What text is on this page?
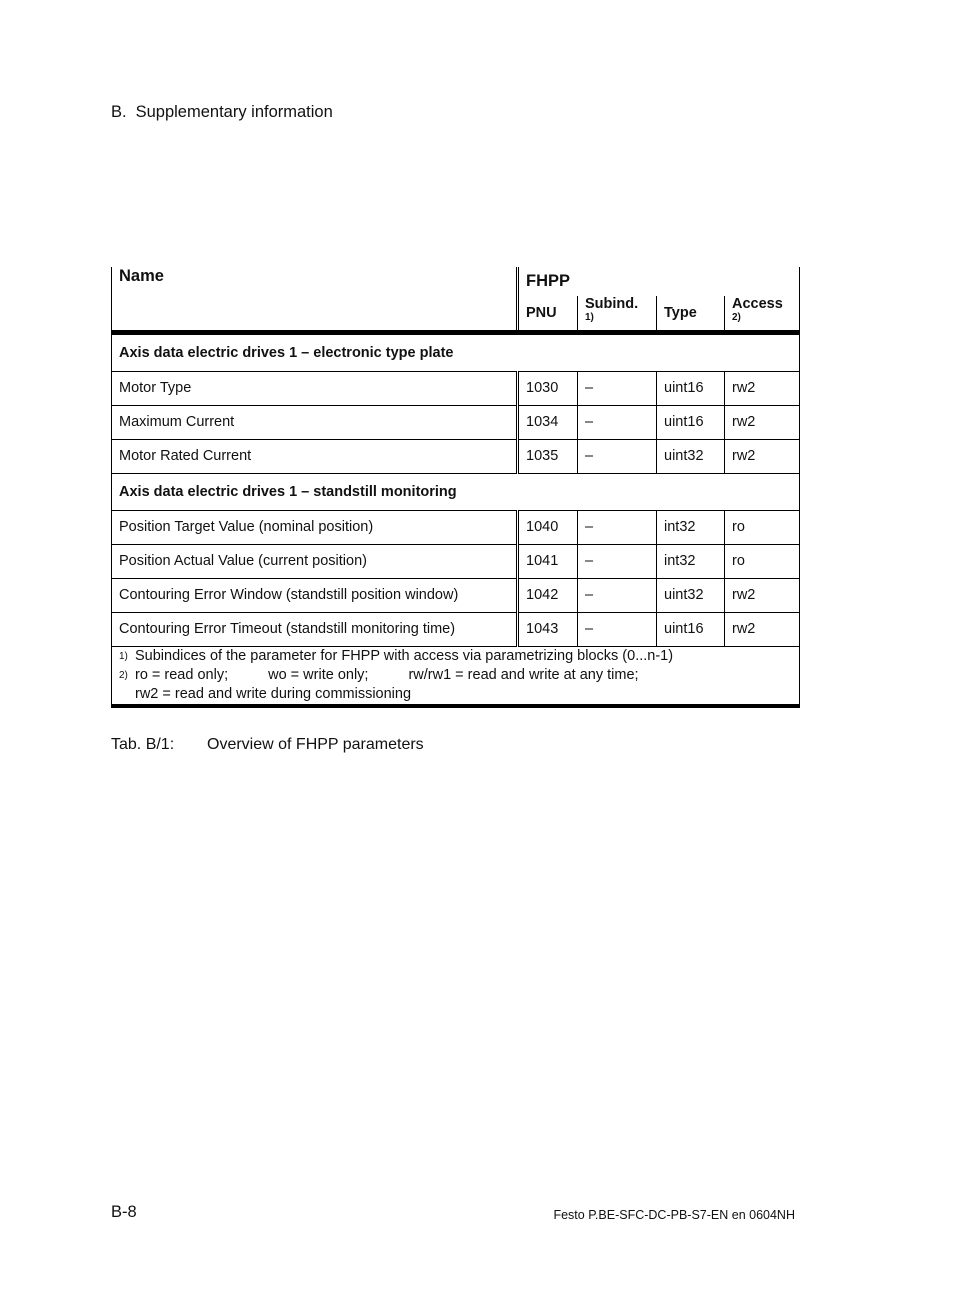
B. Supplementary information
Name	FHPP			
	PNU	Subind. $^{1)}$	Type	Access $^{2)}$
Axis data electric drives 1 – electronic type plate				
Motor Type	1030	–	uint16	rw2
Maximum Current	1034	–	uint16	rw2
Motor Rated Current	1035	–	uint32	rw2
Axis data electric drives 1 – standstill monitoring				
Position Target Value (nominal position)	1040	–	int32	ro
Position Actual Value (current position)	1041	–	int32	ro
Contouring Error Window (standstill position window)	1042	–	uint32	rw2
Contouring Error Timeout (standstill monitoring time)	1043	–	uint16	rw2

1) Subindices of the parameter for FHPP with access via parametrizing blocks (0...n-1)
2) ro = read only; wo = write only; rw/rw1 = read and write at any time;
rw2 = read and write during commissioning				
Tab. B/1: Overview of FHPP parameters
B-8	Festo P.BE-SFC-DC-PB-S7-EN en 0604NH
